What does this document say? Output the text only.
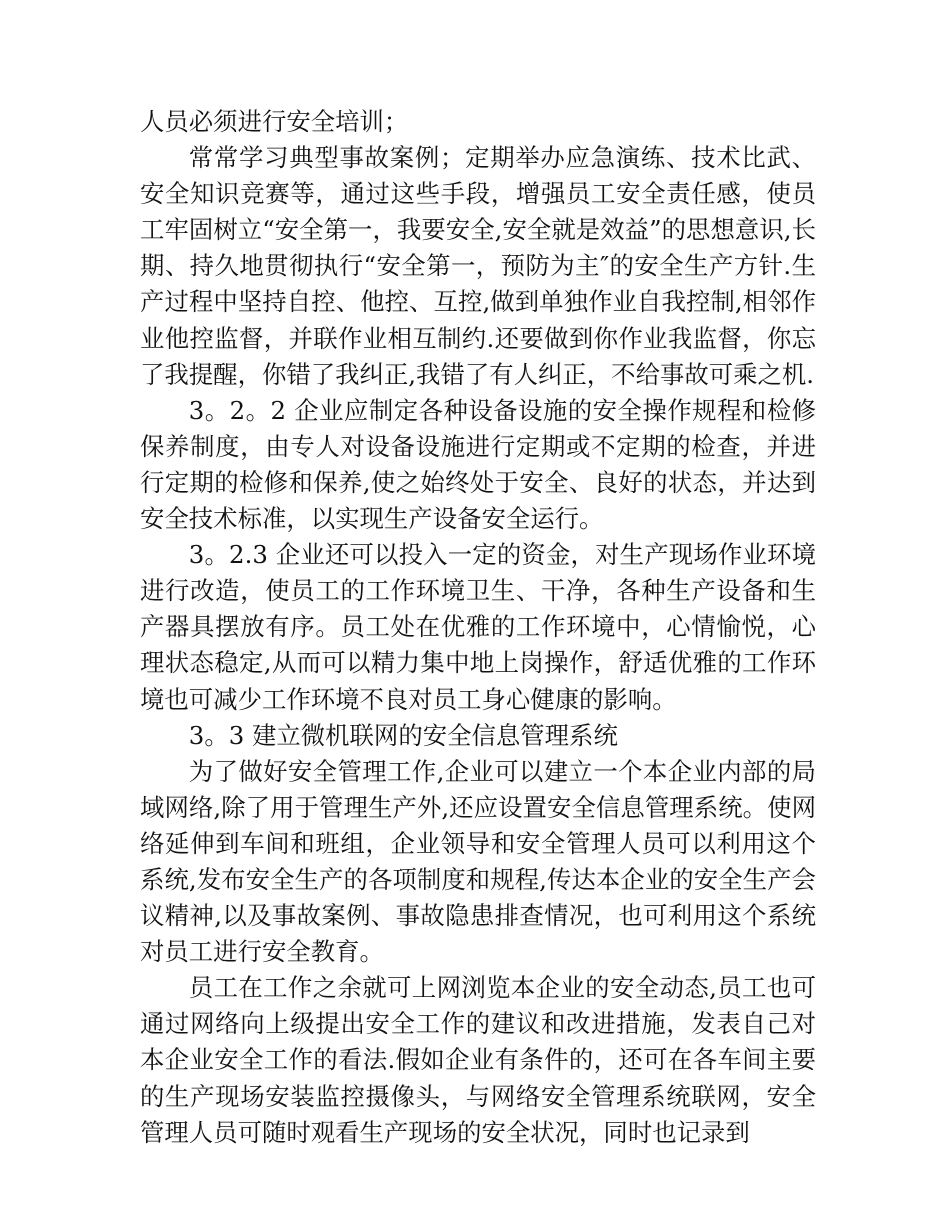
人员必须进行安全培训；

常常学习典型事故案例；定期举办应急演练、技术比武、安全知识竞赛等，通过这些手段，增强员工安全责任感，使员工牢固树立“安全第一，我要安全,安全就是效益”的思想意识,长期、持久地贯彻执行“安全第一，预防为主″的安全生产方针.生产过程中坚持自控、他控、互控,做到单独作业自我控制,相邻作业他控监督，并联作业相互制约.还要做到你作业我监督，你忘了我提醒，你错了我纠正,我错了有人纠正，不给事故可乘之机.

3。2。2 企业应制定各种设备设施的安全操作规程和检修保养制度，由专人对设备设施进行定期或不定期的检查，并进行定期的检修和保养,使之始终处于安全、良好的状态，并达到安全技术标准，以实现生产设备安全运行。

3。2.3 企业还可以投入一定的资金，对生产现场作业环境进行改造，使员工的工作环境卫生、干净，各种生产设备和生产器具摆放有序。员工处在优雅的工作环境中，心情愉悦，心理状态稳定,从而可以精力集中地上岗操作，舒适优雅的工作环境也可减少工作环境不良对员工身心健康的影响。

3。3 建立微机联网的安全信息管理系统

为了做好安全管理工作,企业可以建立一个本企业内部的局域网络,除了用于管理生产外,还应设置安全信息管理系统。使网络延伸到车间和班组，企业领导和安全管理人员可以利用这个系统,发布安全生产的各项制度和规程,传达本企业的安全生产会议精神,以及事故案例、事故隐患排查情况，也可利用这个系统对员工进行安全教育。

员工在工作之余就可上网浏览本企业的安全动态,员工也可通过网络向上级提出安全工作的建议和改进措施，发表自己对本企业安全工作的看法.假如企业有条件的，还可在各车间主要的生产现场安装监控摄像头，与网络安全管理系统联网，安全管理人员可随时观看生产现场的安全状况，同时也记录到
